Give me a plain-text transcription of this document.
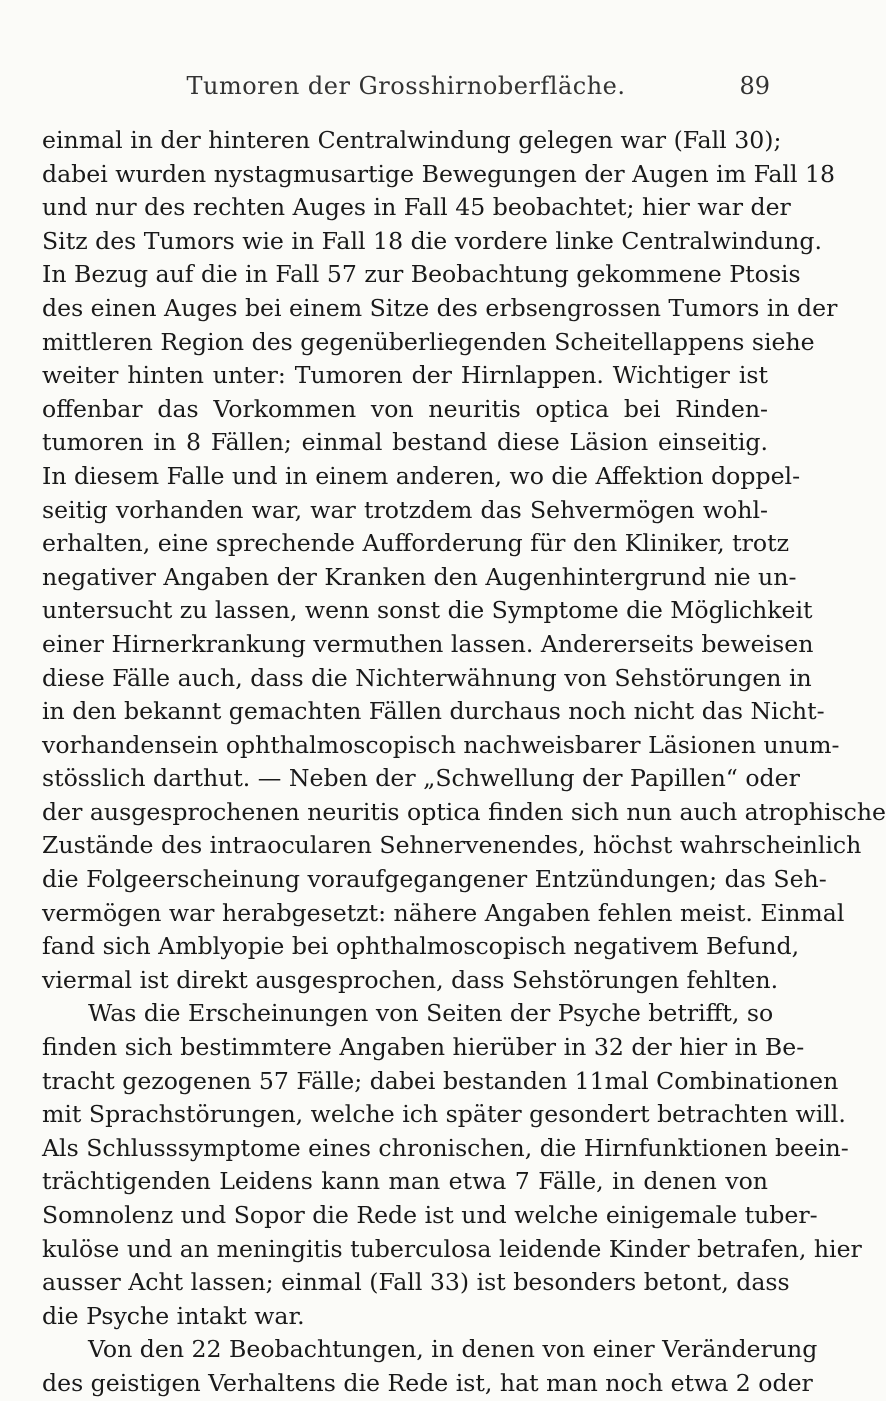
Tumoren der Grosshirnoberfläche.	89
einmal in der hinteren Centralwindung gelegen war (Fall 30);
dabei wurden nystagmusartige Bewegungen der Augen im Fall 18
und nur des rechten Auges in Fall 45 beobachtet; hier war der
Sitz des Tumors wie in Fall 18 die vordere linke Centralwindung.
In Bezug auf die in Fall 57 zur Beobachtung gekommene Ptosis
des einen Auges bei einem Sitze des erbsengrossen Tumors in der
mittleren Region des gegenüberliegenden Scheitellappens siehe
weiter hinten unter: Tumoren der Hirnlappen. Wichtiger ist
offenbar das Vorkommen von neuritis optica bei Rinden-
tumoren in 8 Fällen; einmal bestand diese Läsion einseitig.
In diesem Falle und in einem anderen, wo die Affektion doppel-
seitig vorhanden war, war trotzdem das Sehvermögen wohl-
erhalten, eine sprechende Aufforderung für den Kliniker, trotz
negativer Angaben der Kranken den Augenhintergrund nie un-
untersucht zu lassen, wenn sonst die Symptome die Möglichkeit
einer Hirnerkrankung vermuthen lassen. Andererseits beweisen
diese Fälle auch, dass die Nichterwähnung von Sehstörungen in
in den bekannt gemachten Fällen durchaus noch nicht das Nicht-
vorhandensein ophthalmoscopisch nachweisbarer Läsionen unum-
stösslich darthut. — Neben der „Schwellung der Papillen“ oder
der ausgesprochenen neuritis optica finden sich nun auch atrophische
Zustände des intraocularen Sehnervenendes, höchst wahrscheinlich
die Folgeerscheinung voraufgegangener Entzündungen; das Seh-
vermögen war herabgesetzt: nähere Angaben fehlen meist. Einmal
fand sich Amblyopie bei ophthalmoscopisch negativem Befund,
viermal ist direkt ausgesprochen, dass Sehstörungen fehlten.
Was die Erscheinungen von Seiten der Psyche betrifft, so
finden sich bestimmtere Angaben hierüber in 32 der hier in Be-
tracht gezogenen 57 Fälle; dabei bestanden 11mal Combinationen
mit Sprachstörungen, welche ich später gesondert betrachten will.
Als Schlusssymptome eines chronischen, die Hirnfunktionen beein-
trächtigenden Leidens kann man etwa 7 Fälle, in denen von
Somnolenz und Sopor die Rede ist und welche einigemale tuber-
kulöse und an meningitis tuberculosa leidende Kinder betrafen, hier
ausser Acht lassen; einmal (Fall 33) ist besonders betont, dass
die Psyche intakt war.
Von den 22 Beobachtungen, in denen von einer Veränderung
des geistigen Verhaltens die Rede ist, hat man noch etwa 2 oder
